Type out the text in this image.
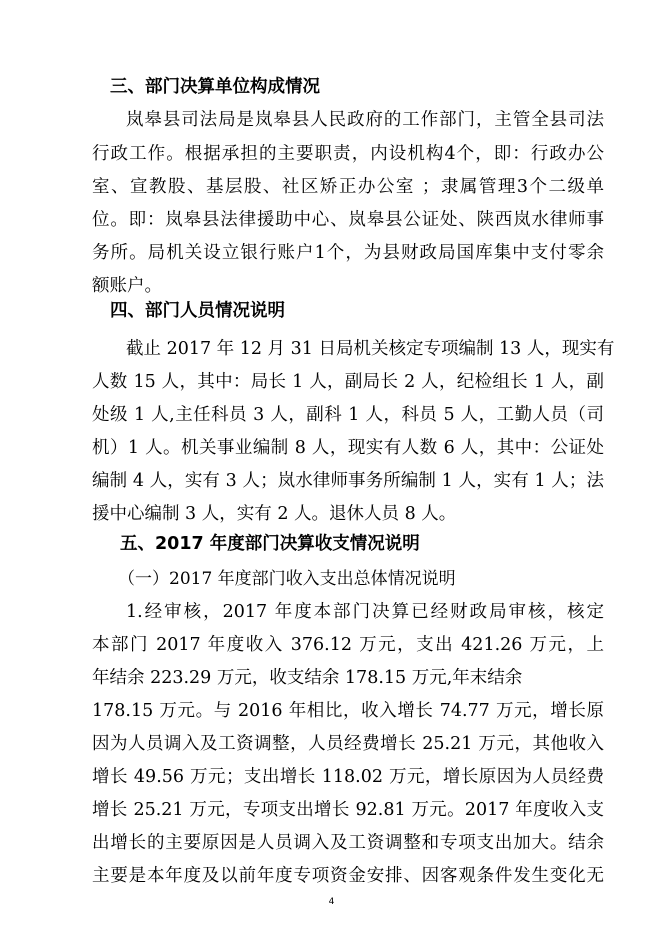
三、部门决算单位构成情况
岚皋县司法局是岚皋县人民政府的工作部门，主管全县司法
行政工作。根据承担的主要职责，内设机构4个，即：行政办公
室、宣教股、基层股、社区矫正办公室 ；隶属管理3个二级单
位。即：岚皋县法律援助中心、岚皋县公证处、陕西岚水律师事
务所。局机关设立银行账户1个，为县财政局国库集中支付零余
额账户。
四、部门人员情况说明
截止 2017 年 12 月 31 日局机关核定专项编制 13 人，现实有
人数 15 人，其中：局长 1 人，副局长 2 人，纪检组长 1 人，副
处级 1 人,主任科员 3 人，副科 1 人，科员 5 人，工勤人员（司
机）1 人。机关事业编制 8 人，现实有人数 6 人，其中：公证处
编制 4 人，实有 3 人；岚水律师事务所编制 1 人，实有 1 人；法
援中心编制 3 人，实有 2 人。退休人员 8 人。
五、2017 年度部门决算收支情况说明
（一）2017 年度部门收入支出总体情况说明
1.经审核，2017 年度本部门决算已经财政局审核，核定
本部门 2017 年度收入 376.12 万元，支出 421.26 万元，上
年结余 223.29 万元，收支结余 178.15 万元,年末结余
178.15 万元。与 2016 年相比，收入增长 74.77 万元，增长原
因为人员调入及工资调整，人员经费增长 25.21 万元，其他收入
增长 49.56 万元；支出增长 118.02 万元，增长原因为人员经费
增长 25.21 万元，专项支出增长 92.81 万元。2017 年度收入支
出增长的主要原因是人员调入及工资调整和专项支出加大。结余
主要是本年度及以前年度专项资金安排、因客观条件发生变化无
4
